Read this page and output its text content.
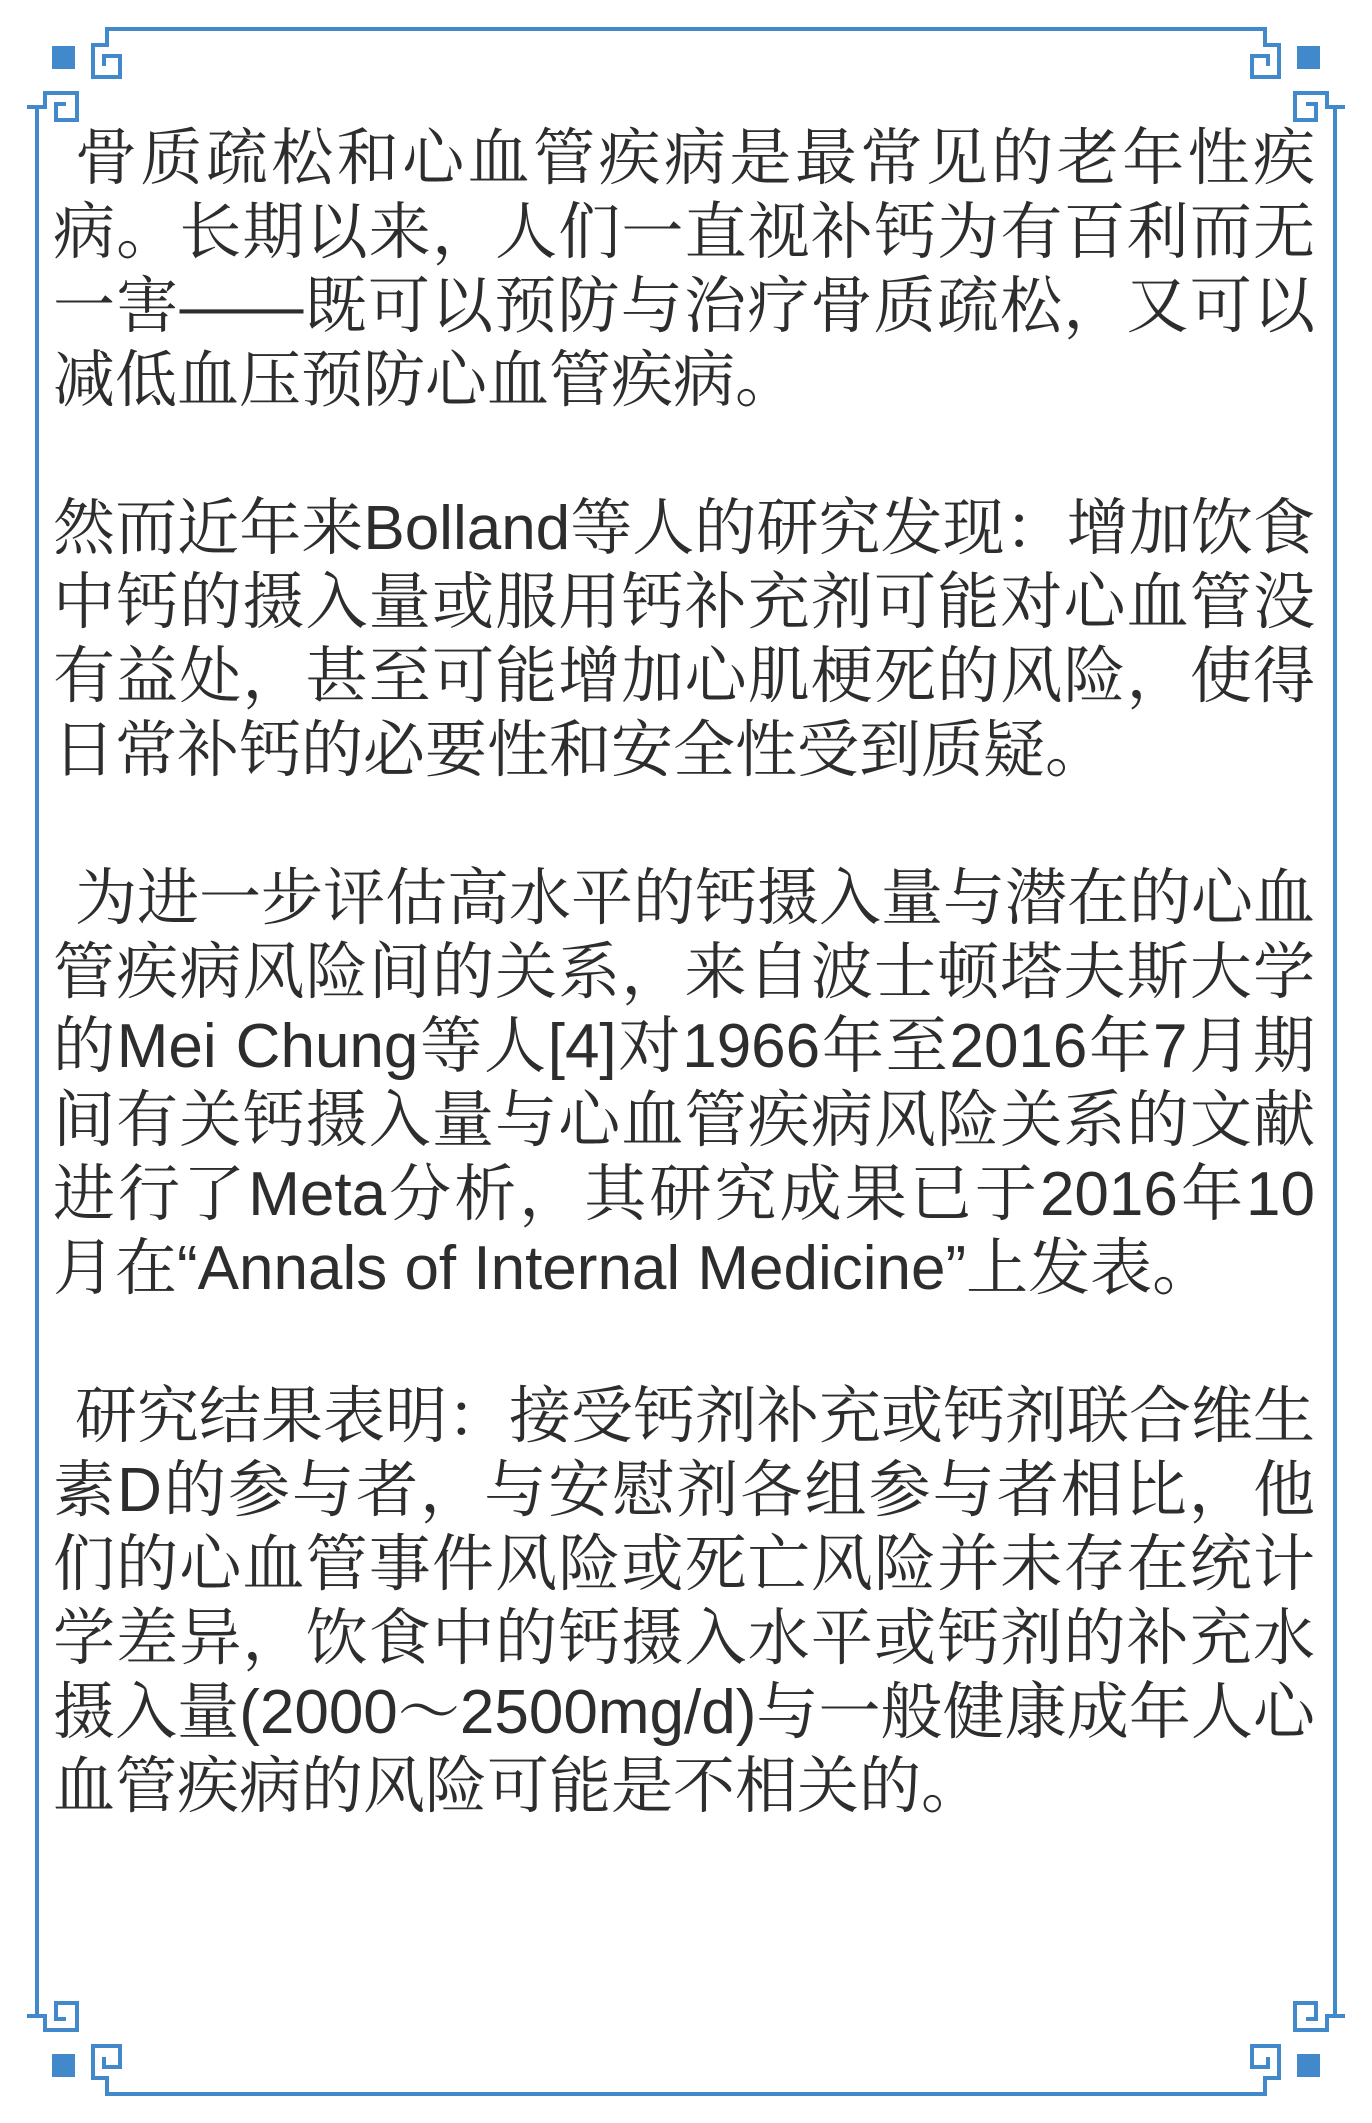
骨质疏松和心血管疾病是最常见的老年性疾病。长期以来，人们一直视补钙为有百利而无一害——既可以预防与治疗骨质疏松，又可以减低血压预防心血管疾病。

然而近年来Bolland等人的研究发现：增加饮食中钙的摄入量或服用钙补充剂可能对心血管没有益处，甚至可能增加心肌梗死的风险，使得日常补钙的必要性和安全性受到质疑。

为进一步评估高水平的钙摄入量与潜在的心血管疾病风险间的关系，来自波士顿塔夫斯大学的Mei Chung等人[4]对1966年至2016年7月期间有关钙摄入量与心血管疾病风险关系的文献进行了Meta分析，其研究成果已于2016年10月在“Annals of Internal Medicine”上发表。

研究结果表明：接受钙剂补充或钙剂联合维生素D的参与者，与安慰剂各组参与者相比，他们的心血管事件风险或死亡风险并未存在统计学差异，饮食中的钙摄入水平或钙剂的补充水摄入量(2000～2500mg/d)与一般健康成年人心血管疾病的风险可能是不相关的。
